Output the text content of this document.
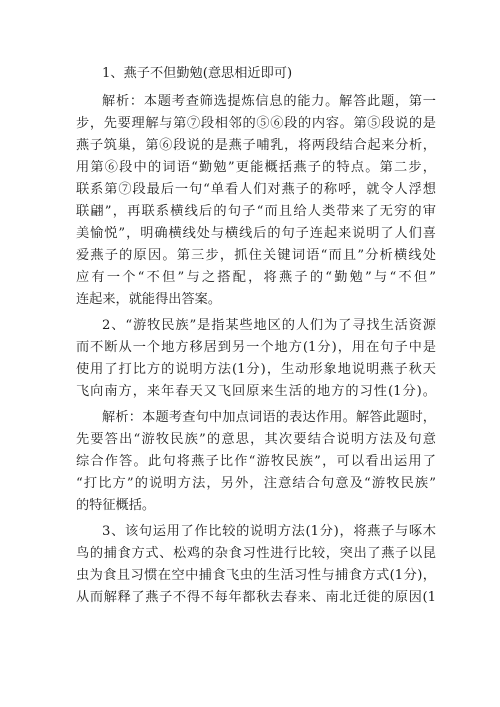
1、燕子不但勤勉(意思相近即可)
解析：本题考查筛选提炼信息的能力。解答此题，第一
步，先要理解与第⑦段相邻的⑤⑥段的内容。第⑤段说的是
燕子筑巢，第⑥段说的是燕子哺乳，将两段结合起来分析，
用第⑥段中的词语“勤勉”更能概括燕子的特点。第二步，
联系第⑦段最后一句“单看人们对燕子的称呼，就令人浮想
联翩”，再联系横线后的句子“而且给人类带来了无穷的审
美愉悦”，明确横线处与横线后的句子连起来说明了人们喜
爱燕子的原因。第三步，抓住关键词语“而且”分析横线处
应有一个“不但”与之搭配，将燕子的“勤勉”与“不但”
连起来，就能得出答案。
2、“游牧民族”是指某些地区的人们为了寻找生活资源
而不断从一个地方移居到另一个地方(1分)，用在句子中是
使用了打比方的说明方法(1分)，生动形象地说明燕子秋天
飞向南方，来年春天又飞回原来生活的地方的习性(1分)。
解析：本题考查句中加点词语的表达作用。解答此题时，
先要答出“游牧民族”的意思，其次要结合说明方法及句意
综合作答。此句将燕子比作“游牧民族”，可以看出运用了
“打比方”的说明方法，另外，注意结合句意及“游牧民族”
的特征概括。
3、该句运用了作比较的说明方法(1分)，将燕子与啄木
鸟的捕食方式、松鸡的杂食习性进行比较，突出了燕子以昆
虫为食且习惯在空中捕食飞虫的生活习性与捕食方式(1分)，
从而解释了燕子不得不每年都秋去春来、南北迁徙的原因(1
